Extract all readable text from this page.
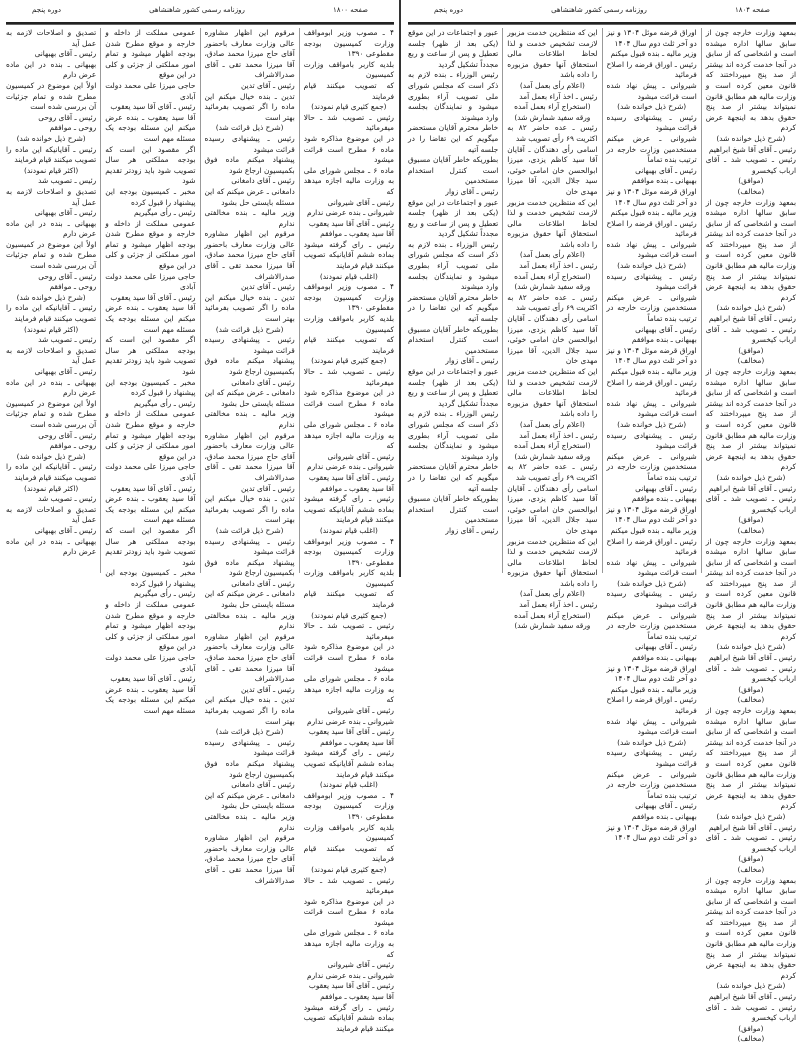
صفحه ۱۸۰۰
روزنامه رسمی کشور شاهنشاهی
دوره پنجم

۴ ـ مصوب وزیر ابومواقف وزارت کمیسیون بودجه مقطوعی ۱۳۹۰

بلدیه کاربر بامواقف وزارت کمیسیون

که تصویب میکنند قیام فرمایند

(جمع کثیری قیام نمودند)

رئیس ـ تصویب شد ـ حالا میفرمائید

در این موضوع مذاکره شود ماده ۶ مطرح است قرائت میشود

ماده ۶ ـ مجلس شورای ملی به وزارت مالیه اجازه میدهد که

رئیس ـ آقای شیروانی

شیروانی ـ بنده عرضی ندارم

رئیس ـ آقای آقا سید یعقوب

آقا سید یعقوب ـ موافقم

رئیس ـ رای گرفته میشود بماده ششم آقایانیکه تصویب میکنند قیام فرمایند

(اغلب قیام نمودند)

۴ ـ مصوب وزیر ابومواقف وزارت کمیسیون بودجه مقطوعی ۱۳۹۰

بلدیه کاربر بامواقف وزارت کمیسیون

که تصویب میکنند قیام فرمایند

(جمع کثیری قیام نمودند)

رئیس ـ تصویب شد ـ حالا میفرمائید

در این موضوع مذاکره شود ماده ۶ مطرح است قرائت میشود

ماده ۶ ـ مجلس شورای ملی به وزارت مالیه اجازه میدهد که

رئیس ـ آقای شیروانی

شیروانی ـ بنده عرضی ندارم

رئیس ـ آقای آقا سید یعقوب

آقا سید یعقوب ـ موافقم

رئیس ـ رای گرفته میشود بماده ششم آقایانیکه تصویب میکنند قیام فرمایند

(اغلب قیام نمودند)

۴ ـ مصوب وزیر ابومواقف وزارت کمیسیون بودجه مقطوعی ۱۳۹۰

بلدیه کاربر بامواقف وزارت کمیسیون

که تصویب میکنند قیام فرمایند

(جمع کثیری قیام نمودند)

رئیس ـ تصویب شد ـ حالا میفرمائید

در این موضوع مذاکره شود ماده ۶ مطرح است قرائت میشود

ماده ۶ ـ مجلس شورای ملی به وزارت مالیه اجازه میدهد که

رئیس ـ آقای شیروانی

شیروانی ـ بنده عرضی ندارم

رئیس ـ آقای آقا سید یعقوب

آقا سید یعقوب ـ موافقم

رئیس ـ رای گرفته میشود بماده ششم آقایانیکه تصویب میکنند قیام فرمایند

(اغلب قیام نمودند)

۴ ـ مصوب وزیر ابومواقف وزارت کمیسیون بودجه مقطوعی ۱۳۹۰

بلدیه کاربر بامواقف وزارت کمیسیون

که تصویب میکنند قیام فرمایند

(جمع کثیری قیام نمودند)

رئیس ـ تصویب شد ـ حالا میفرمائید

در این موضوع مذاکره شود ماده ۶ مطرح است قرائت میشود

ماده ۶ ـ مجلس شورای ملی به وزارت مالیه اجازه میدهد که

رئیس ـ آقای شیروانی

شیروانی ـ بنده عرضی ندارم

رئیس ـ آقای آقا سید یعقوب

آقا سید یعقوب ـ موافقم

رئیس ـ رای گرفته میشود بماده ششم آقایانیکه تصویب میکنند قیام فرمایند

مرقوم این اظهار مشاوره عالی وزارت معارف باحضور آقای حاج میرزا محمد صادق، آقا میرزا محمد تقی ـ آقای صدرالاشراف

رئیس ـ آقای تدین

تدین ـ بنده خیال میکنم این ماده را اگر تصویب بفرمائید بهتر است

(شرح ذیل قرائت شد)

رئیس ـ پیشنهادی رسیده قرائت میشود

پیشنهاد میکنم ماده فوق بکمیسیون ارجاع شود

رئیس ـ آقای دامغانی

دامغانی ـ عرض میکنم که این مسئله بایستی حل بشود

وزیر مالیه ـ بنده مخالفتی ندارم

مرقوم این اظهار مشاوره عالی وزارت معارف باحضور آقای حاج میرزا محمد صادق، آقا میرزا محمد تقی ـ آقای صدرالاشراف

رئیس ـ آقای تدین

تدین ـ بنده خیال میکنم این ماده را اگر تصویب بفرمائید بهتر است

(شرح ذیل قرائت شد)

رئیس ـ پیشنهادی رسیده قرائت میشود

پیشنهاد میکنم ماده فوق بکمیسیون ارجاع شود

رئیس ـ آقای دامغانی

دامغانی ـ عرض میکنم که این مسئله بایستی حل بشود

وزیر مالیه ـ بنده مخالفتی ندارم

مرقوم این اظهار مشاوره عالی وزارت معارف باحضور آقای حاج میرزا محمد صادق، آقا میرزا محمد تقی ـ آقای صدرالاشراف

رئیس ـ آقای تدین

تدین ـ بنده خیال میکنم این ماده را اگر تصویب بفرمائید بهتر است

(شرح ذیل قرائت شد)

رئیس ـ پیشنهادی رسیده قرائت میشود

پیشنهاد میکنم ماده فوق بکمیسیون ارجاع شود

رئیس ـ آقای دامغانی

دامغانی ـ عرض میکنم که این مسئله بایستی حل بشود

وزیر مالیه ـ بنده مخالفتی ندارم

مرقوم این اظهار مشاوره عالی وزارت معارف باحضور آقای حاج میرزا محمد صادق، آقا میرزا محمد تقی ـ آقای صدرالاشراف

رئیس ـ آقای تدین

تدین ـ بنده خیال میکنم این ماده را اگر تصویب بفرمائید بهتر است

(شرح ذیل قرائت شد)

رئیس ـ پیشنهادی رسیده قرائت میشود

پیشنهاد میکنم ماده فوق بکمیسیون ارجاع شود

رئیس ـ آقای دامغانی

دامغانی ـ عرض میکنم که این مسئله بایستی حل بشود

وزیر مالیه ـ بنده مخالفتی ندارم

مرقوم این اظهار مشاوره عالی وزارت معارف باحضور آقای حاج میرزا محمد صادق، آقا میرزا محمد تقی ـ آقای صدرالاشراف

عمومی مملکت از داخله و خارجه و موقع مطرح شدن بودجه اظهار میشود و تمام امور مملکتی از جزئی و کلی در این موقع

حاجی میرزا علی محمد دولت آبادی

رئیس ـ آقای آقا سید یعقوب

آقا سید یعقوب ـ بنده عرض میکنم این مسئله بودجه یک مسئله مهم است

اگر مقصود این است که بودجه مملکتی هر سال تصویب شود باید زودتر تقدیم شود

مخبر ـ کمیسیون بودجه این پیشنهاد را قبول کرده

رئیس ـ رأی میگیریم

عمومی مملکت از داخله و خارجه و موقع مطرح شدن بودجه اظهار میشود و تمام امور مملکتی از جزئی و کلی در این موقع

حاجی میرزا علی محمد دولت آبادی

رئیس ـ آقای آقا سید یعقوب

آقا سید یعقوب ـ بنده عرض میکنم این مسئله بودجه یک مسئله مهم است

اگر مقصود این است که بودجه مملکتی هر سال تصویب شود باید زودتر تقدیم شود

مخبر ـ کمیسیون بودجه این پیشنهاد را قبول کرده

رئیس ـ رأی میگیریم

عمومی مملکت از داخله و خارجه و موقع مطرح شدن بودجه اظهار میشود و تمام امور مملکتی از جزئی و کلی در این موقع

حاجی میرزا علی محمد دولت آبادی

رئیس ـ آقای آقا سید یعقوب

آقا سید یعقوب ـ بنده عرض میکنم این مسئله بودجه یک مسئله مهم است

اگر مقصود این است که بودجه مملکتی هر سال تصویب شود باید زودتر تقدیم شود

مخبر ـ کمیسیون بودجه این پیشنهاد را قبول کرده

رئیس ـ رأی میگیریم

عمومی مملکت از داخله و خارجه و موقع مطرح شدن بودجه اظهار میشود و تمام امور مملکتی از جزئی و کلی در این موقع

حاجی میرزا علی محمد دولت آبادی

رئیس ـ آقای آقا سید یعقوب

آقا سید یعقوب ـ بنده عرض میکنم این مسئله بودجه یک مسئله مهم است

تصدیق و اصلاحات لازمه به عمل آید

رئیس ـ آقای بهبهانی

بهبهانی ـ بنده در این ماده عرض دارم

اولاً این موضوع در کمیسیون مطرح شده و تمام جزئیات آن بررسی شده است

رئیس ـ آقای روحی

روحی ـ موافقم

(شرح ذیل خوانده شد)

رئیس ـ آقایانیکه این ماده را تصویب میکنند قیام فرمایند

(اکثر قیام نمودند)

رئیس ـ تصویب شد

تصدیق و اصلاحات لازمه به عمل آید

رئیس ـ آقای بهبهانی

بهبهانی ـ بنده در این ماده عرض دارم

اولاً این موضوع در کمیسیون مطرح شده و تمام جزئیات آن بررسی شده است

رئیس ـ آقای روحی

روحی ـ موافقم

(شرح ذیل خوانده شد)

رئیس ـ آقایانیکه این ماده را تصویب میکنند قیام فرمایند

(اکثر قیام نمودند)

رئیس ـ تصویب شد

تصدیق و اصلاحات لازمه به عمل آید

رئیس ـ آقای بهبهانی

بهبهانی ـ بنده در این ماده عرض دارم

اولاً این موضوع در کمیسیون مطرح شده و تمام جزئیات آن بررسی شده است

رئیس ـ آقای روحی

روحی ـ موافقم

(شرح ذیل خوانده شد)

رئیس ـ آقایانیکه این ماده را تصویب میکنند قیام فرمایند

(اکثر قیام نمودند)

رئیس ـ تصویب شد

تصدیق و اصلاحات لازمه به عمل آید

رئیس ـ آقای بهبهانی

بهبهانی ـ بنده در این ماده عرض دارم

صفحه ۱۸۰۴
روزنامه رسمی کشور شاهنشاهی
دوره پنجم

بمعهد وزارت خارجه چون از سابق سالها اداره میشده است و اشخاصی که از سابق در آنجا خدمت کرده اند بیشتر از صد پنج میپرداختند که قانون معین کرده است و وزارت مالیه هم مطابق قانون نمیتواند بیشتر از صد پنج حقوق بدهد به اینجهة عرض کردم

(شرح ذیل خوانده شد)

رئیس ـ آقای آقا شیخ ابراهیم

رئیس ـ تصویب شد ـ آقای ارباب کیخسرو

(موافق)

(مخالف)

بمعهد وزارت خارجه چون از سابق سالها اداره میشده است و اشخاصی که از سابق در آنجا خدمت کرده اند بیشتر از صد پنج میپرداختند که قانون معین کرده است و وزارت مالیه هم مطابق قانون نمیتواند بیشتر از صد پنج حقوق بدهد به اینجهة عرض کردم

(شرح ذیل خوانده شد)

رئیس ـ آقای آقا شیخ ابراهیم

رئیس ـ تصویب شد ـ آقای ارباب کیخسرو

(موافق)

(مخالف)

بمعهد وزارت خارجه چون از سابق سالها اداره میشده است و اشخاصی که از سابق در آنجا خدمت کرده اند بیشتر از صد پنج میپرداختند که قانون معین کرده است و وزارت مالیه هم مطابق قانون نمیتواند بیشتر از صد پنج حقوق بدهد به اینجهة عرض کردم

(شرح ذیل خوانده شد)

رئیس ـ آقای آقا شیخ ابراهیم

رئیس ـ تصویب شد ـ آقای ارباب کیخسرو

(موافق)

(مخالف)

بمعهد وزارت خارجه چون از سابق سالها اداره میشده است و اشخاصی که از سابق در آنجا خدمت کرده اند بیشتر از صد پنج میپرداختند که قانون معین کرده است و وزارت مالیه هم مطابق قانون نمیتواند بیشتر از صد پنج حقوق بدهد به اینجهة عرض کردم

(شرح ذیل خوانده شد)

رئیس ـ آقای آقا شیخ ابراهیم

رئیس ـ تصویب شد ـ آقای ارباب کیخسرو

(موافق)

(مخالف)

بمعهد وزارت خارجه چون از سابق سالها اداره میشده است و اشخاصی که از سابق در آنجا خدمت کرده اند بیشتر از صد پنج میپرداختند که قانون معین کرده است و وزارت مالیه هم مطابق قانون نمیتواند بیشتر از صد پنج حقوق بدهد به اینجهة عرض کردم

(شرح ذیل خوانده شد)

رئیس ـ آقای آقا شیخ ابراهیم

رئیس ـ تصویب شد ـ آقای ارباب کیخسرو

(موافق)

(مخالف)

بمعهد وزارت خارجه چون از سابق سالها اداره میشده است و اشخاصی که از سابق در آنجا خدمت کرده اند بیشتر از صد پنج میپرداختند که قانون معین کرده است و وزارت مالیه هم مطابق قانون نمیتواند بیشتر از صد پنج حقوق بدهد به اینجهة عرض کردم

(شرح ذیل خوانده شد)

رئیس ـ آقای آقا شیخ ابراهیم

رئیس ـ تصویب شد ـ آقای ارباب کیخسرو

(موافق)

(مخالف)

اوراق قرضه موئل ۱۳۰۴ و نیز دو آخر ثلث دوم سال ۱۴۰۴

وزیر مالیه ـ بنده قبول میکنم

رئیس ـ اوراق قرضه را اصلاح فرمائید

شیروانی ـ پیش نهاد شده است قرائت میشود

(شرح ذیل خوانده شد)

رئیس ـ پیشنهادی رسیده قرائت میشود

شیروانی ـ عرض میکنم مستخدمین وزارت خارجه در ترتیب بنده تماماً

رئیس ـ آقای بهبهانی

بهبهانی ـ بنده موافقم

اوراق قرضه موئل ۱۳۰۴ و نیز دو آخر ثلث دوم سال ۱۴۰۴

وزیر مالیه ـ بنده قبول میکنم

رئیس ـ اوراق قرضه را اصلاح فرمائید

شیروانی ـ پیش نهاد شده است قرائت میشود

(شرح ذیل خوانده شد)

رئیس ـ پیشنهادی رسیده قرائت میشود

شیروانی ـ عرض میکنم مستخدمین وزارت خارجه در ترتیب بنده تماماً

رئیس ـ آقای بهبهانی

بهبهانی ـ بنده موافقم

اوراق قرضه موئل ۱۳۰۴ و نیز دو آخر ثلث دوم سال ۱۴۰۴

وزیر مالیه ـ بنده قبول میکنم

رئیس ـ اوراق قرضه را اصلاح فرمائید

شیروانی ـ پیش نهاد شده است قرائت میشود

(شرح ذیل خوانده شد)

رئیس ـ پیشنهادی رسیده قرائت میشود

شیروانی ـ عرض میکنم مستخدمین وزارت خارجه در ترتیب بنده تماماً

رئیس ـ آقای بهبهانی

بهبهانی ـ بنده موافقم

اوراق قرضه موئل ۱۳۰۴ و نیز دو آخر ثلث دوم سال ۱۴۰۴

وزیر مالیه ـ بنده قبول میکنم

رئیس ـ اوراق قرضه را اصلاح فرمائید

شیروانی ـ پیش نهاد شده است قرائت میشود

(شرح ذیل خوانده شد)

رئیس ـ پیشنهادی رسیده قرائت میشود

شیروانی ـ عرض میکنم مستخدمین وزارت خارجه در ترتیب بنده تماماً

رئیس ـ آقای بهبهانی

بهبهانی ـ بنده موافقم

اوراق قرضه موئل ۱۳۰۴ و نیز دو آخر ثلث دوم سال ۱۴۰۴

وزیر مالیه ـ بنده قبول میکنم

رئیس ـ اوراق قرضه را اصلاح فرمائید

شیروانی ـ پیش نهاد شده است قرائت میشود

(شرح ذیل خوانده شد)

رئیس ـ پیشنهادی رسیده قرائت میشود

شیروانی ـ عرض میکنم مستخدمین وزارت خارجه در ترتیب بنده تماماً

رئیس ـ آقای بهبهانی

بهبهانی ـ بنده موافقم

اوراق قرضه موئل ۱۳۰۴ و نیز دو آخر ثلث دوم سال ۱۴۰۴

این که منتظرین خدمت مزبور لازمت تشخیص خدمت و لذا لحاظ اطلاعات مالی استحقاق آنها حقوق مزبوره را داده باشد

(اعلام رأی بعمل آمد)

رئیس ـ اخذ آراء بعمل آمد

(استخراج آراء بعمل آمده ورقه سفید شمارش شد)

رئیس ـ عده حاضر ۸۲ به اکثریت ۶۹ رأی تصویب شد

اسامی رأی دهندگان ـ آقایان آقا سید کاظم یزدی، میرزا ابوالحسن خان امامی خوئی، سید جلال الدین، آقا میرزا مهدی خان

این که منتظرین خدمت مزبور لازمت تشخیص خدمت و لذا لحاظ اطلاعات مالی استحقاق آنها حقوق مزبوره را داده باشد

(اعلام رأی بعمل آمد)

رئیس ـ اخذ آراء بعمل آمد

(استخراج آراء بعمل آمده ورقه سفید شمارش شد)

رئیس ـ عده حاضر ۸۲ به اکثریت ۶۹ رأی تصویب شد

اسامی رأی دهندگان ـ آقایان آقا سید کاظم یزدی، میرزا ابوالحسن خان امامی خوئی، سید جلال الدین، آقا میرزا مهدی خان

این که منتظرین خدمت مزبور لازمت تشخیص خدمت و لذا لحاظ اطلاعات مالی استحقاق آنها حقوق مزبوره را داده باشد

(اعلام رأی بعمل آمد)

رئیس ـ اخذ آراء بعمل آمد

(استخراج آراء بعمل آمده ورقه سفید شمارش شد)

رئیس ـ عده حاضر ۸۲ به اکثریت ۶۹ رأی تصویب شد

اسامی رأی دهندگان ـ آقایان آقا سید کاظم یزدی، میرزا ابوالحسن خان امامی خوئی، سید جلال الدین، آقا میرزا مهدی خان

این که منتظرین خدمت مزبور لازمت تشخیص خدمت و لذا لحاظ اطلاعات مالی استحقاق آنها حقوق مزبوره را داده باشد

(اعلام رأی بعمل آمد)

رئیس ـ اخذ آراء بعمل آمد

(استخراج آراء بعمل آمده ورقه سفید شمارش شد)

عبور و اجتماعات در این موقع (یکی بعد از ظهر) جلسه تعطیل و پس از ساعت و ربع مجدداً تشکیل گردید

رئیس الوزراء ـ بنده لازم به ذکر است که مجلس شورای ملی تصویب آراء بطوری میشود و نمایندگان بجلسه وارد میشوند

خاطر محترم آقایان مستحضر میگویم که این تقاضا را در جلسه آتیه

بطوریکه خاطر آقایان مسبوق است کنترل استخدام مستخدمین

رئیس ـ آقای زوار

عبور و اجتماعات در این موقع (یکی بعد از ظهر) جلسه تعطیل و پس از ساعت و ربع مجدداً تشکیل گردید

رئیس الوزراء ـ بنده لازم به ذکر است که مجلس شورای ملی تصویب آراء بطوری میشود و نمایندگان بجلسه وارد میشوند

خاطر محترم آقایان مستحضر میگویم که این تقاضا را در جلسه آتیه

بطوریکه خاطر آقایان مسبوق است کنترل استخدام مستخدمین

رئیس ـ آقای زوار

عبور و اجتماعات در این موقع (یکی بعد از ظهر) جلسه تعطیل و پس از ساعت و ربع مجدداً تشکیل گردید

رئیس الوزراء ـ بنده لازم به ذکر است که مجلس شورای ملی تصویب آراء بطوری میشود و نمایندگان بجلسه وارد میشوند

خاطر محترم آقایان مستحضر میگویم که این تقاضا را در جلسه آتیه

بطوریکه خاطر آقایان مسبوق است کنترل استخدام مستخدمین

رئیس ـ آقای زوار
